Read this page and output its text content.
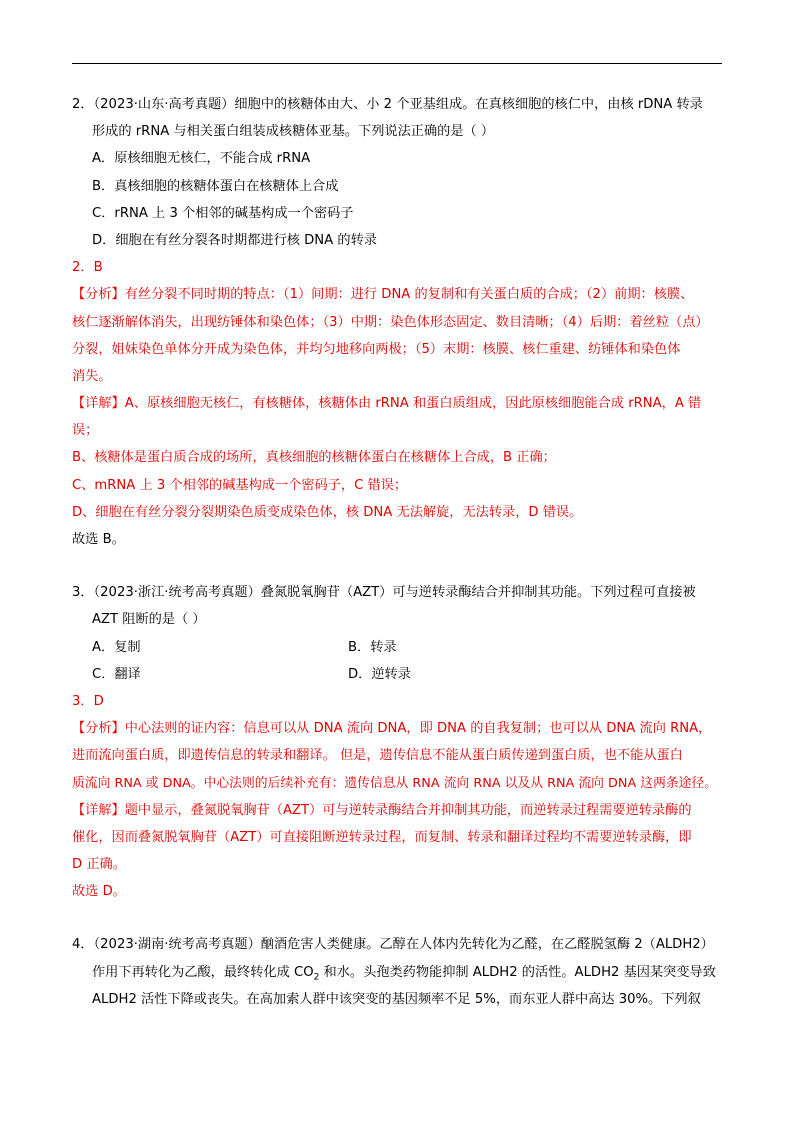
2．（2023·山东·高考真题）细胞中的核糖体由大、小 2 个亚基组成。在真核细胞的核仁中，由核 rDNA 转录
形成的 rRNA 与相关蛋白组装成核糖体亚基。下列说法正确的是（ ）
A．原核细胞无核仁，不能合成 rRNA
B．真核细胞的核糖体蛋白在核糖体上合成
C．rRNA 上 3 个相邻的碱基构成一个密码子
D．细胞在有丝分裂各时期都进行核 DNA 的转录
2．B
【分析】有丝分裂不同时期的特点：（1）间期：进行 DNA 的复制和有关蛋白质的合成；（2）前期：核膜、
核仁逐渐解体消失，出现纺锤体和染色体；（3）中期：染色体形态固定、数目清晰；（4）后期：着丝粒（点）
分裂，姐妹染色单体分开成为染色体，并均匀地移向两极；（5）末期：核膜、核仁重建、纺锤体和染色体
消失。
【详解】A、原核细胞无核仁，有核糖体，核糖体由 rRNA 和蛋白质组成，因此原核细胞能合成 rRNA，A 错
误；
B、核糖体是蛋白质合成的场所，真核细胞的核糖体蛋白在核糖体上合成，B 正确；
C、mRNA 上 3 个相邻的碱基构成一个密码子，C 错误；
D、细胞在有丝分裂分裂期染色质变成染色体，核 DNA 无法解旋，无法转录，D 错误。
故选 B。
3．（2023·浙江·统考高考真题）叠氮脱氧胸苷（AZT）可与逆转录酶结合并抑制其功能。下列过程可直接被
AZT 阻断的是（ ）
A．复制	B．转录
C．翻译	D．逆转录
3．D
【分析】中心法则的证内容：信息可以从 DNA 流向 DNA，即 DNA 的自我复制；也可以从 DNA 流向 RNA，
进而流向蛋白质，即遗传信息的转录和翻译。 但是，遗传信息不能从蛋白质传递到蛋白质，也不能从蛋白
质流向 RNA 或 DNA。中心法则的后续补充有：遗传信息从 RNA 流向 RNA 以及从 RNA 流向 DNA 这两条途径。
【详解】题中显示，叠氮脱氧胸苷（AZT）可与逆转录酶结合并抑制其功能，而逆转录过程需要逆转录酶的
催化，因而叠氮脱氧胸苷（AZT）可直接阻断逆转录过程，而复制、转录和翻译过程均不需要逆转录酶，即
D 正确。
故选 D。
4．（2023·湖南·统考高考真题）酗酒危害人类健康。乙醇在人体内先转化为乙醛，在乙醛脱氢酶 2（ALDH2）
作用下再转化为乙酸，最终转化成 $CO_2$ 和水。头孢类药物能抑制 ALDH2 的活性。ALDH2 基因某突变导致
ALDH2 活性下降或丧失。在高加索人群中该突变的基因频率不足 5%，而东亚人群中高达 30%。下列叙
